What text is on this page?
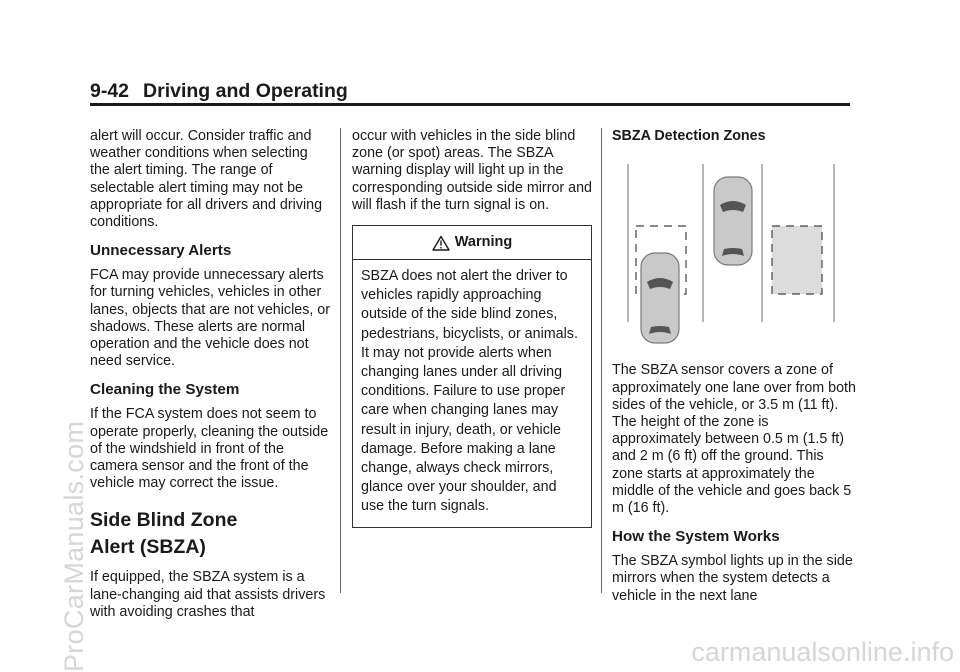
9-42 Driving and Operating

alert will occur. Consider traffic and weather conditions when selecting the alert timing. The range of selectable alert timing may not be appropriate for all drivers and driving conditions.

Unnecessary Alerts

FCA may provide unnecessary alerts for turning vehicles, vehicles in other lanes, objects that are not vehicles, or shadows. These alerts are normal operation and the vehicle does not need service.

Cleaning the System

If the FCA system does not seem to operate properly, cleaning the outside of the windshield in front of the camera sensor and the front of the vehicle may correct the issue.

Side Blind Zone
Alert (SBZA)

If equipped, the SBZA system is a lane-changing aid that assists drivers with avoiding crashes that

occur with vehicles in the side blind zone (or spot) areas. The SBZA warning display will light up in the corresponding outside side mirror and will flash if the turn signal is on.

Warning
SBZA does not alert the driver to vehicles rapidly approaching outside of the side blind zones, pedestrians, bicyclists, or animals. It may not provide alerts when changing lanes under all driving conditions. Failure to use proper care when changing lanes may result in injury, death, or vehicle damage. Before making a lane change, always check mirrors, glance over your shoulder, and use the turn signals.
SBZA Detection Zones

The SBZA sensor covers a zone of approximately one lane over from both sides of the vehicle, or 3.5 m (11 ft). The height of the zone is approximately between 0.5 m (1.5 ft) and 2 m (6 ft) off the ground. This zone starts at approximately the middle of the vehicle and goes back 5 m (16 ft).

How the System Works

The SBZA symbol lights up in the side mirrors when the system detects a vehicle in the next lane

ProCarManuals.com	carmanualsonline.info
